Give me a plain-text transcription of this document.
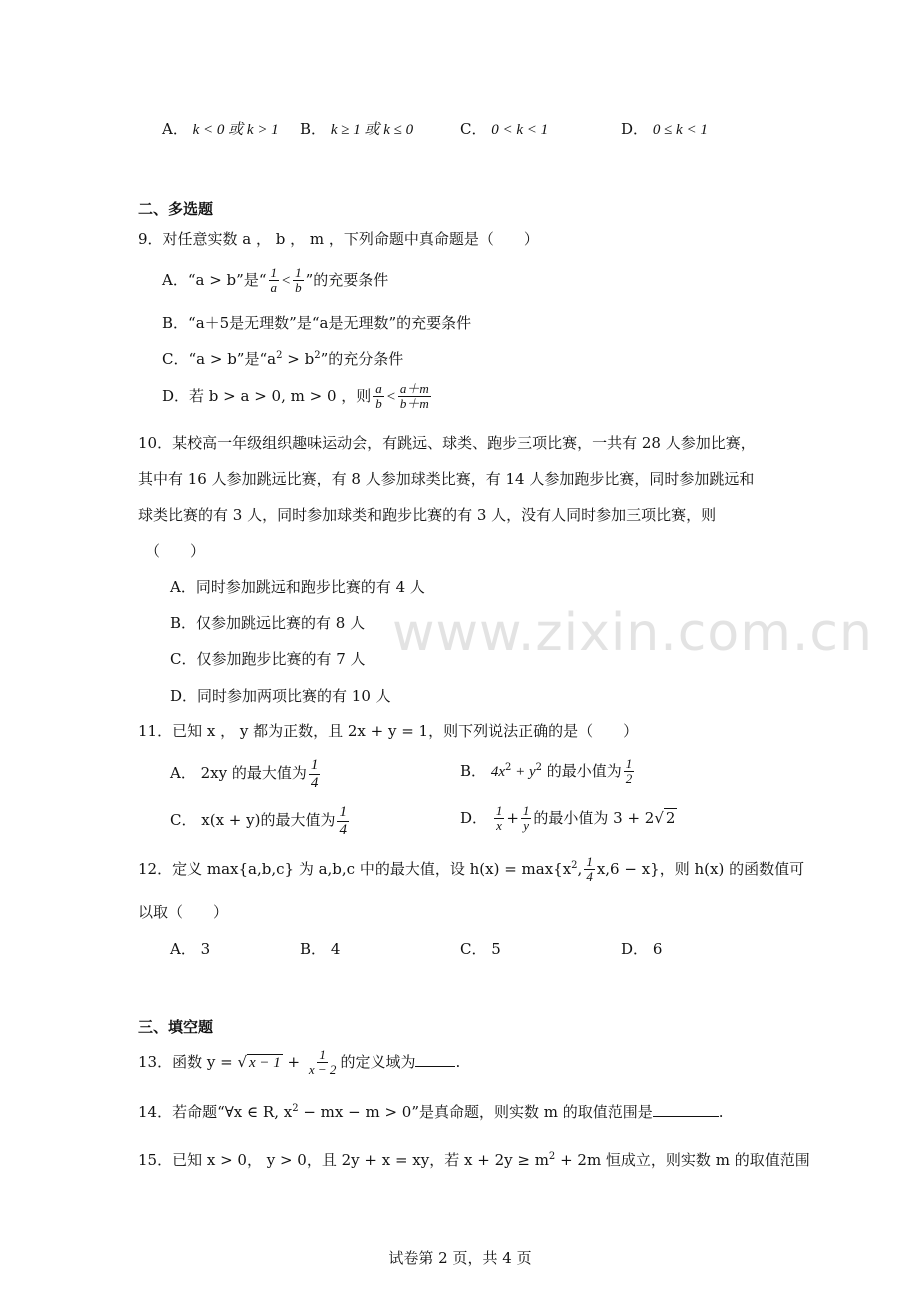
www.zixin.com.cn
A． k < 0 或 k > 1 B． k ≥ 1 或 k ≤ 0	C． 0 < k < 1	D． 0 ≤ k < 1
二、多选题
9．对任意实数 a ， b ， m ，下列命题中真命题是（　　）
A．“a > b”是“ $\frac{1}{a} < \frac{1}{b}$ ”的充要条件
B．“a＋5是无理数”是“a是无理数”的充要条件
C．“a > b”是“$a^2 > b^2$”的充分条件
D．若 b > a > 0, m > 0 ，则 $\frac{a}{b} < \frac{a+m}{b+m}$
10．某校高一年级组织趣味运动会，有跳远、球类、跑步三项比赛，一共有 28 人参加比赛，
其中有 16 人参加跳远比赛，有 8 人参加球类比赛，有 14 人参加跑步比赛，同时参加跳远和
球类比赛的有 3 人，同时参加球类和跑步比赛的有 3 人，没有人同时参加三项比赛，则
（　　）
A．同时参加跳远和跑步比赛的有 4 人
B．仅参加跳远比赛的有 8 人
C．仅参加跑步比赛的有 7 人
D．同时参加两项比赛的有 10 人
11．已知 x ， y 都为正数，且 2x + y = 1，则下列说法正确的是（　　）
A． 2xy 的最大值为 $\frac{1}{4}$	B． $4x^2 + y^2$ 的最小值为 $\frac{1}{2}$
C． x(x + y)的最大值为 $\frac{1}{4}$	D． $\frac{1}{x} + \frac{1}{y}$ 的最小值为 3 + 2√ 2
12．定义 max{a,b,c} 为 a,b,c 中的最大值，设 $h(x) = \max\{x^2$, $\frac{1}{4} x,6 - x$}，则 h(x) 的函数值可
以取（　　）
A． 3	B． 4	C． 5	D． 6
三、填空题
13．函数 y = √ $x - 1 + \frac{1}{x - 2}$ 的定义域为	.
14．若命题“∀x ∈ R, $x^2$ − mx − m > 0”是真命题，则实数 m 的取值范围是	.
15．已知 x > 0， y > 0，且 2y + x = xy，若 $x + 2y \ge m^2 + 2m$ 恒成立，则实数 m 的取值范围
试卷第 2 页，共 4 页
